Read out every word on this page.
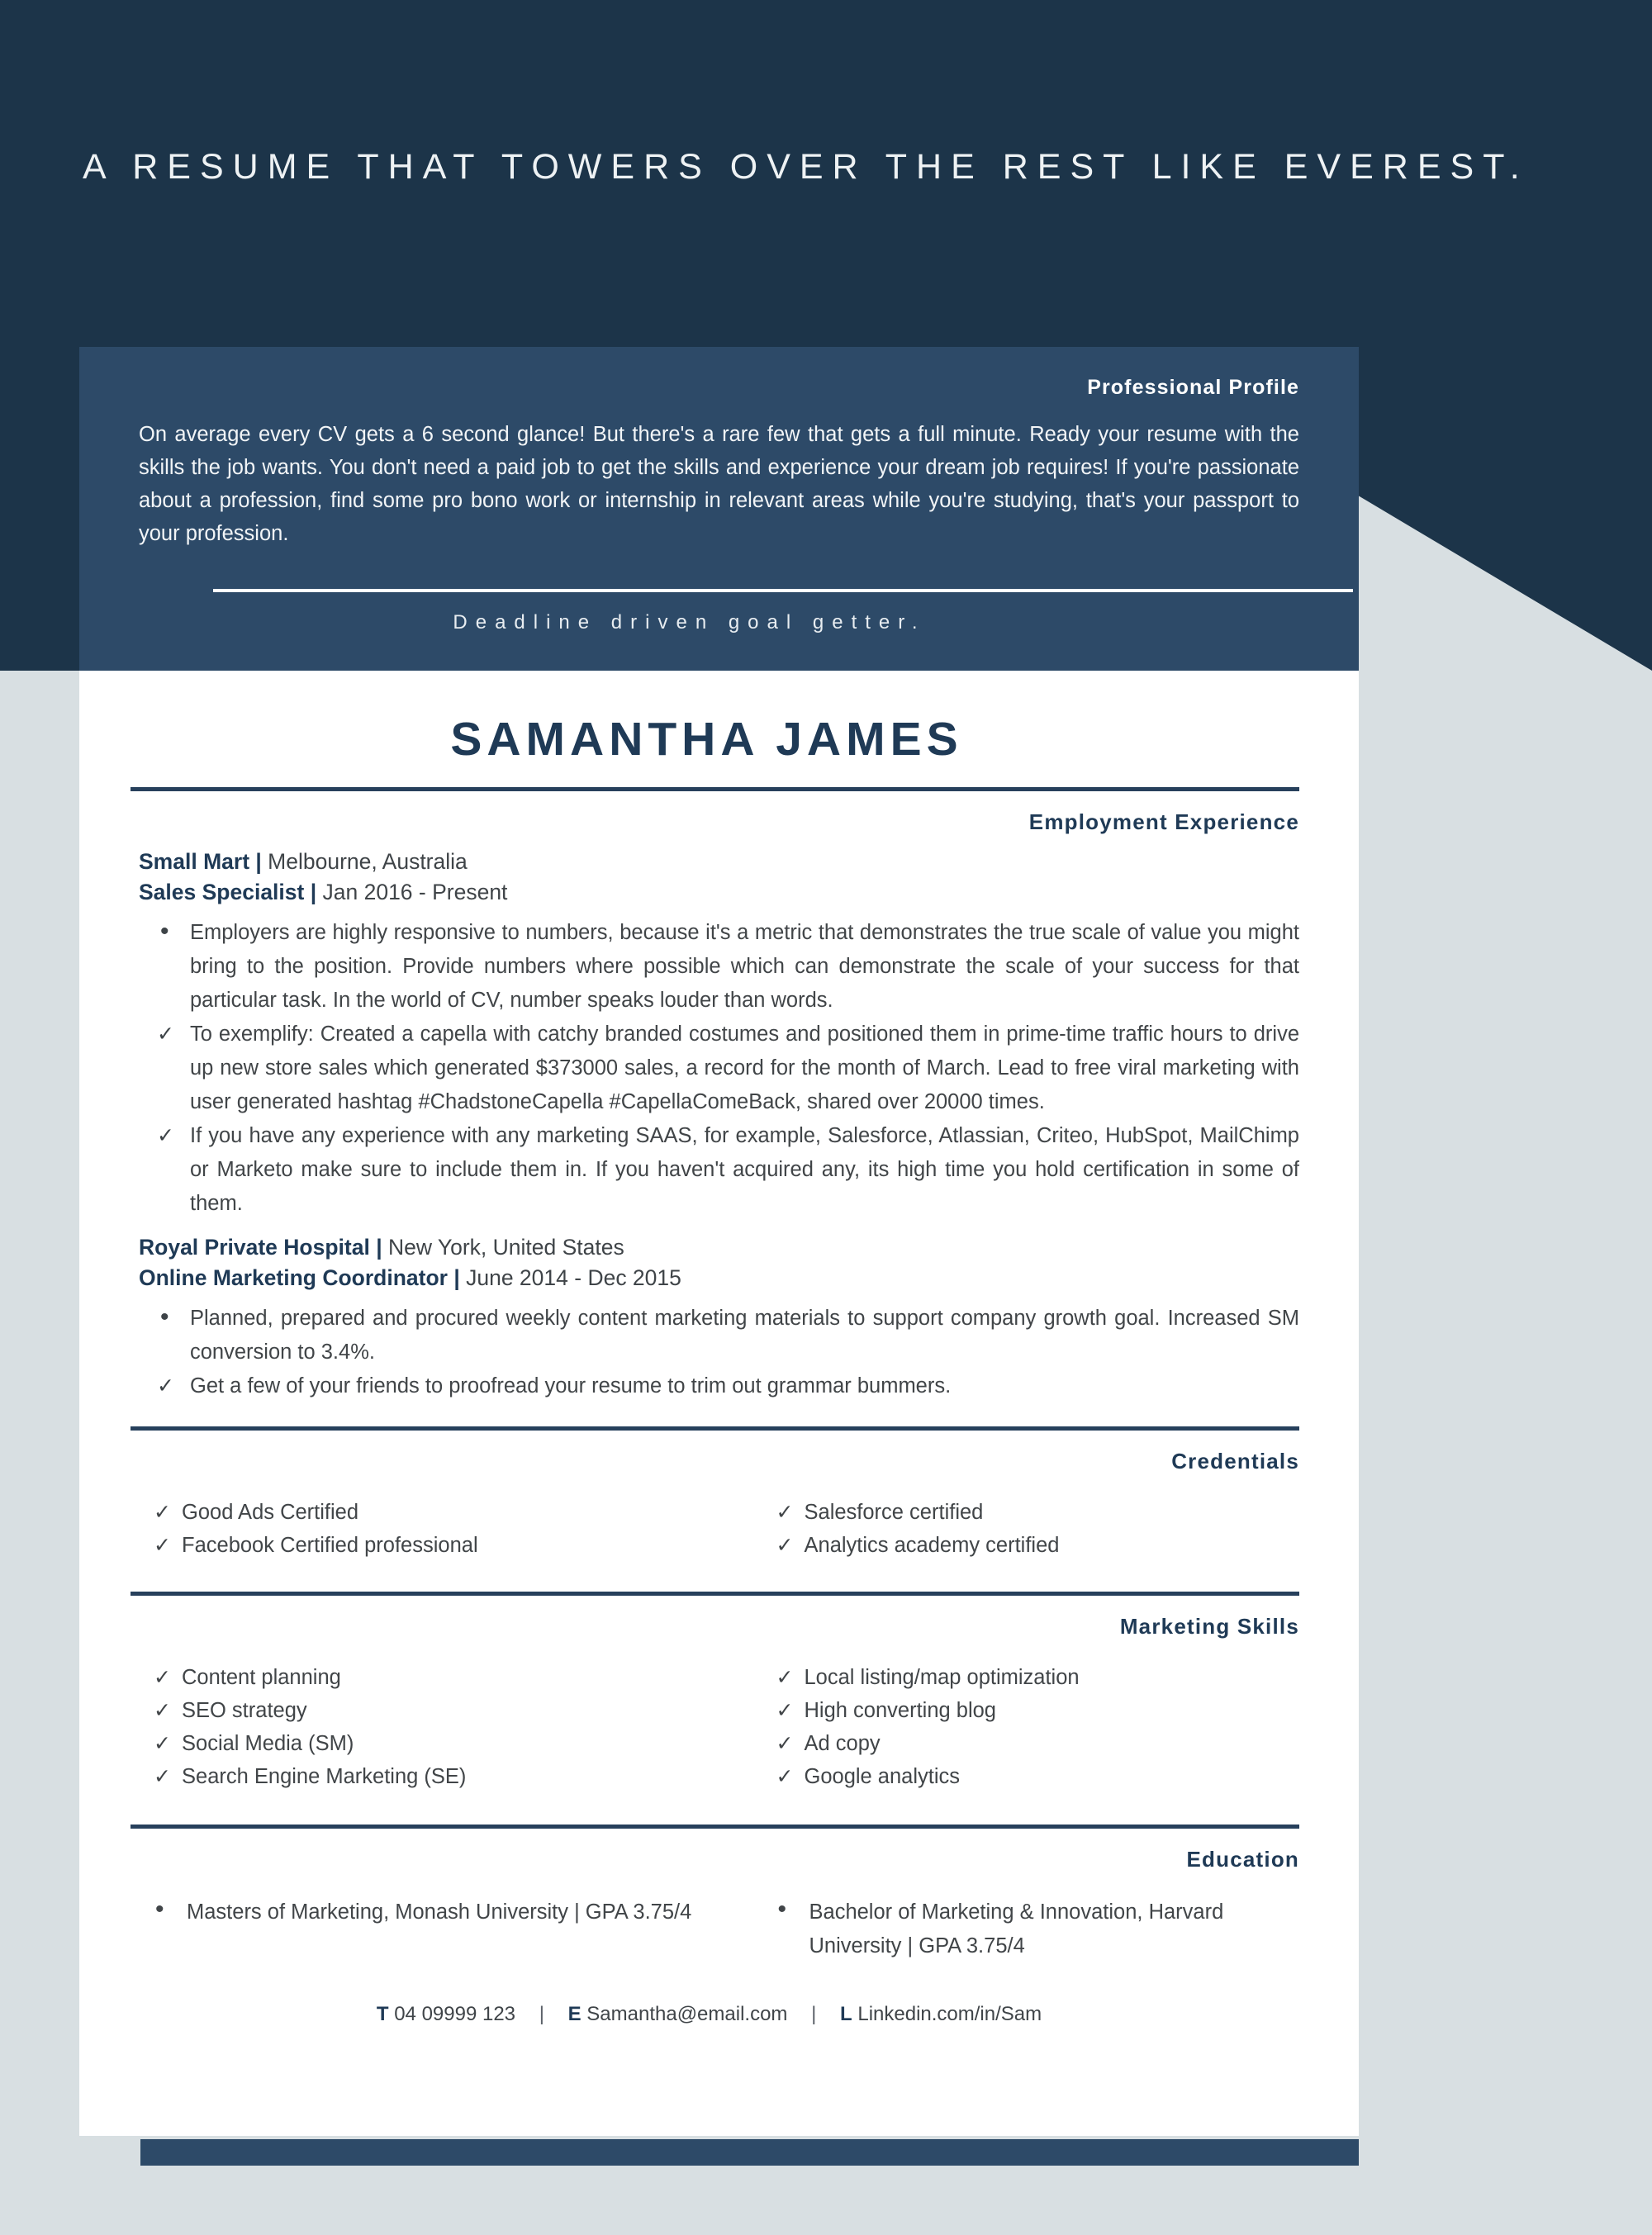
A RESUME THAT TOWERS OVER THE REST LIKE EVEREST.
Professional Profile
On average every CV gets a 6 second glance! But there's a rare few that gets a full minute. Ready your resume with the skills the job wants. You don't need a paid job to get the skills and experience your dream job requires! If you're passionate about a profession, find some pro bono work or internship in relevant areas while you're studying, that's your passport to your profession.
Deadline driven goal getter.
SAMANTHA JAMES
Employment Experience
Small Mart | Melbourne, Australia
Sales Specialist | Jan 2016 - Present
• Employers are highly responsive to numbers, because it's a metric that demonstrates the true scale of value you might bring to the position. Provide numbers where possible which can demonstrate the scale of your success for that particular task. In the world of CV, number speaks louder than words.
✓ To exemplify: Created a capella with catchy branded costumes and positioned them in prime-time traffic hours to drive up new store sales which generated $373000 sales, a record for the month of March. Lead to free viral marketing with user generated hashtag #ChadstoneCapella #CapellaComeBack, shared over 20000 times.
✓ If you have any experience with any marketing SAAS, for example, Salesforce, Atlassian, Criteo, HubSpot, MailChimp or Marketo make sure to include them in. If you haven't acquired any, its high time you hold certification in some of them.
Royal Private Hospital | New York, United States
Online Marketing Coordinator | June 2014 - Dec 2015
• Planned, prepared and procured weekly content marketing materials to support company growth goal. Increased SM conversion to 3.4%.
✓ Get a few of your friends to proofread your resume to trim out grammar bummers.
Credentials
✓ Good Ads Certified
✓ Facebook Certified professional
✓ Salesforce certified
✓ Analytics academy certified
Marketing Skills
✓ Content planning
✓ SEO strategy
✓ Social Media (SM)
✓ Search Engine Marketing (SE)
✓ Local listing/map optimization
✓ High converting blog
✓ Ad copy
✓ Google analytics
Education
• Masters of Marketing, Monash University | GPA 3.75/4	• Bachelor of Marketing & Innovation, Harvard University | GPA 3.75/4
T 04 09999 123 | E Samantha@email.com | L Linkedin.com/in/Sam
